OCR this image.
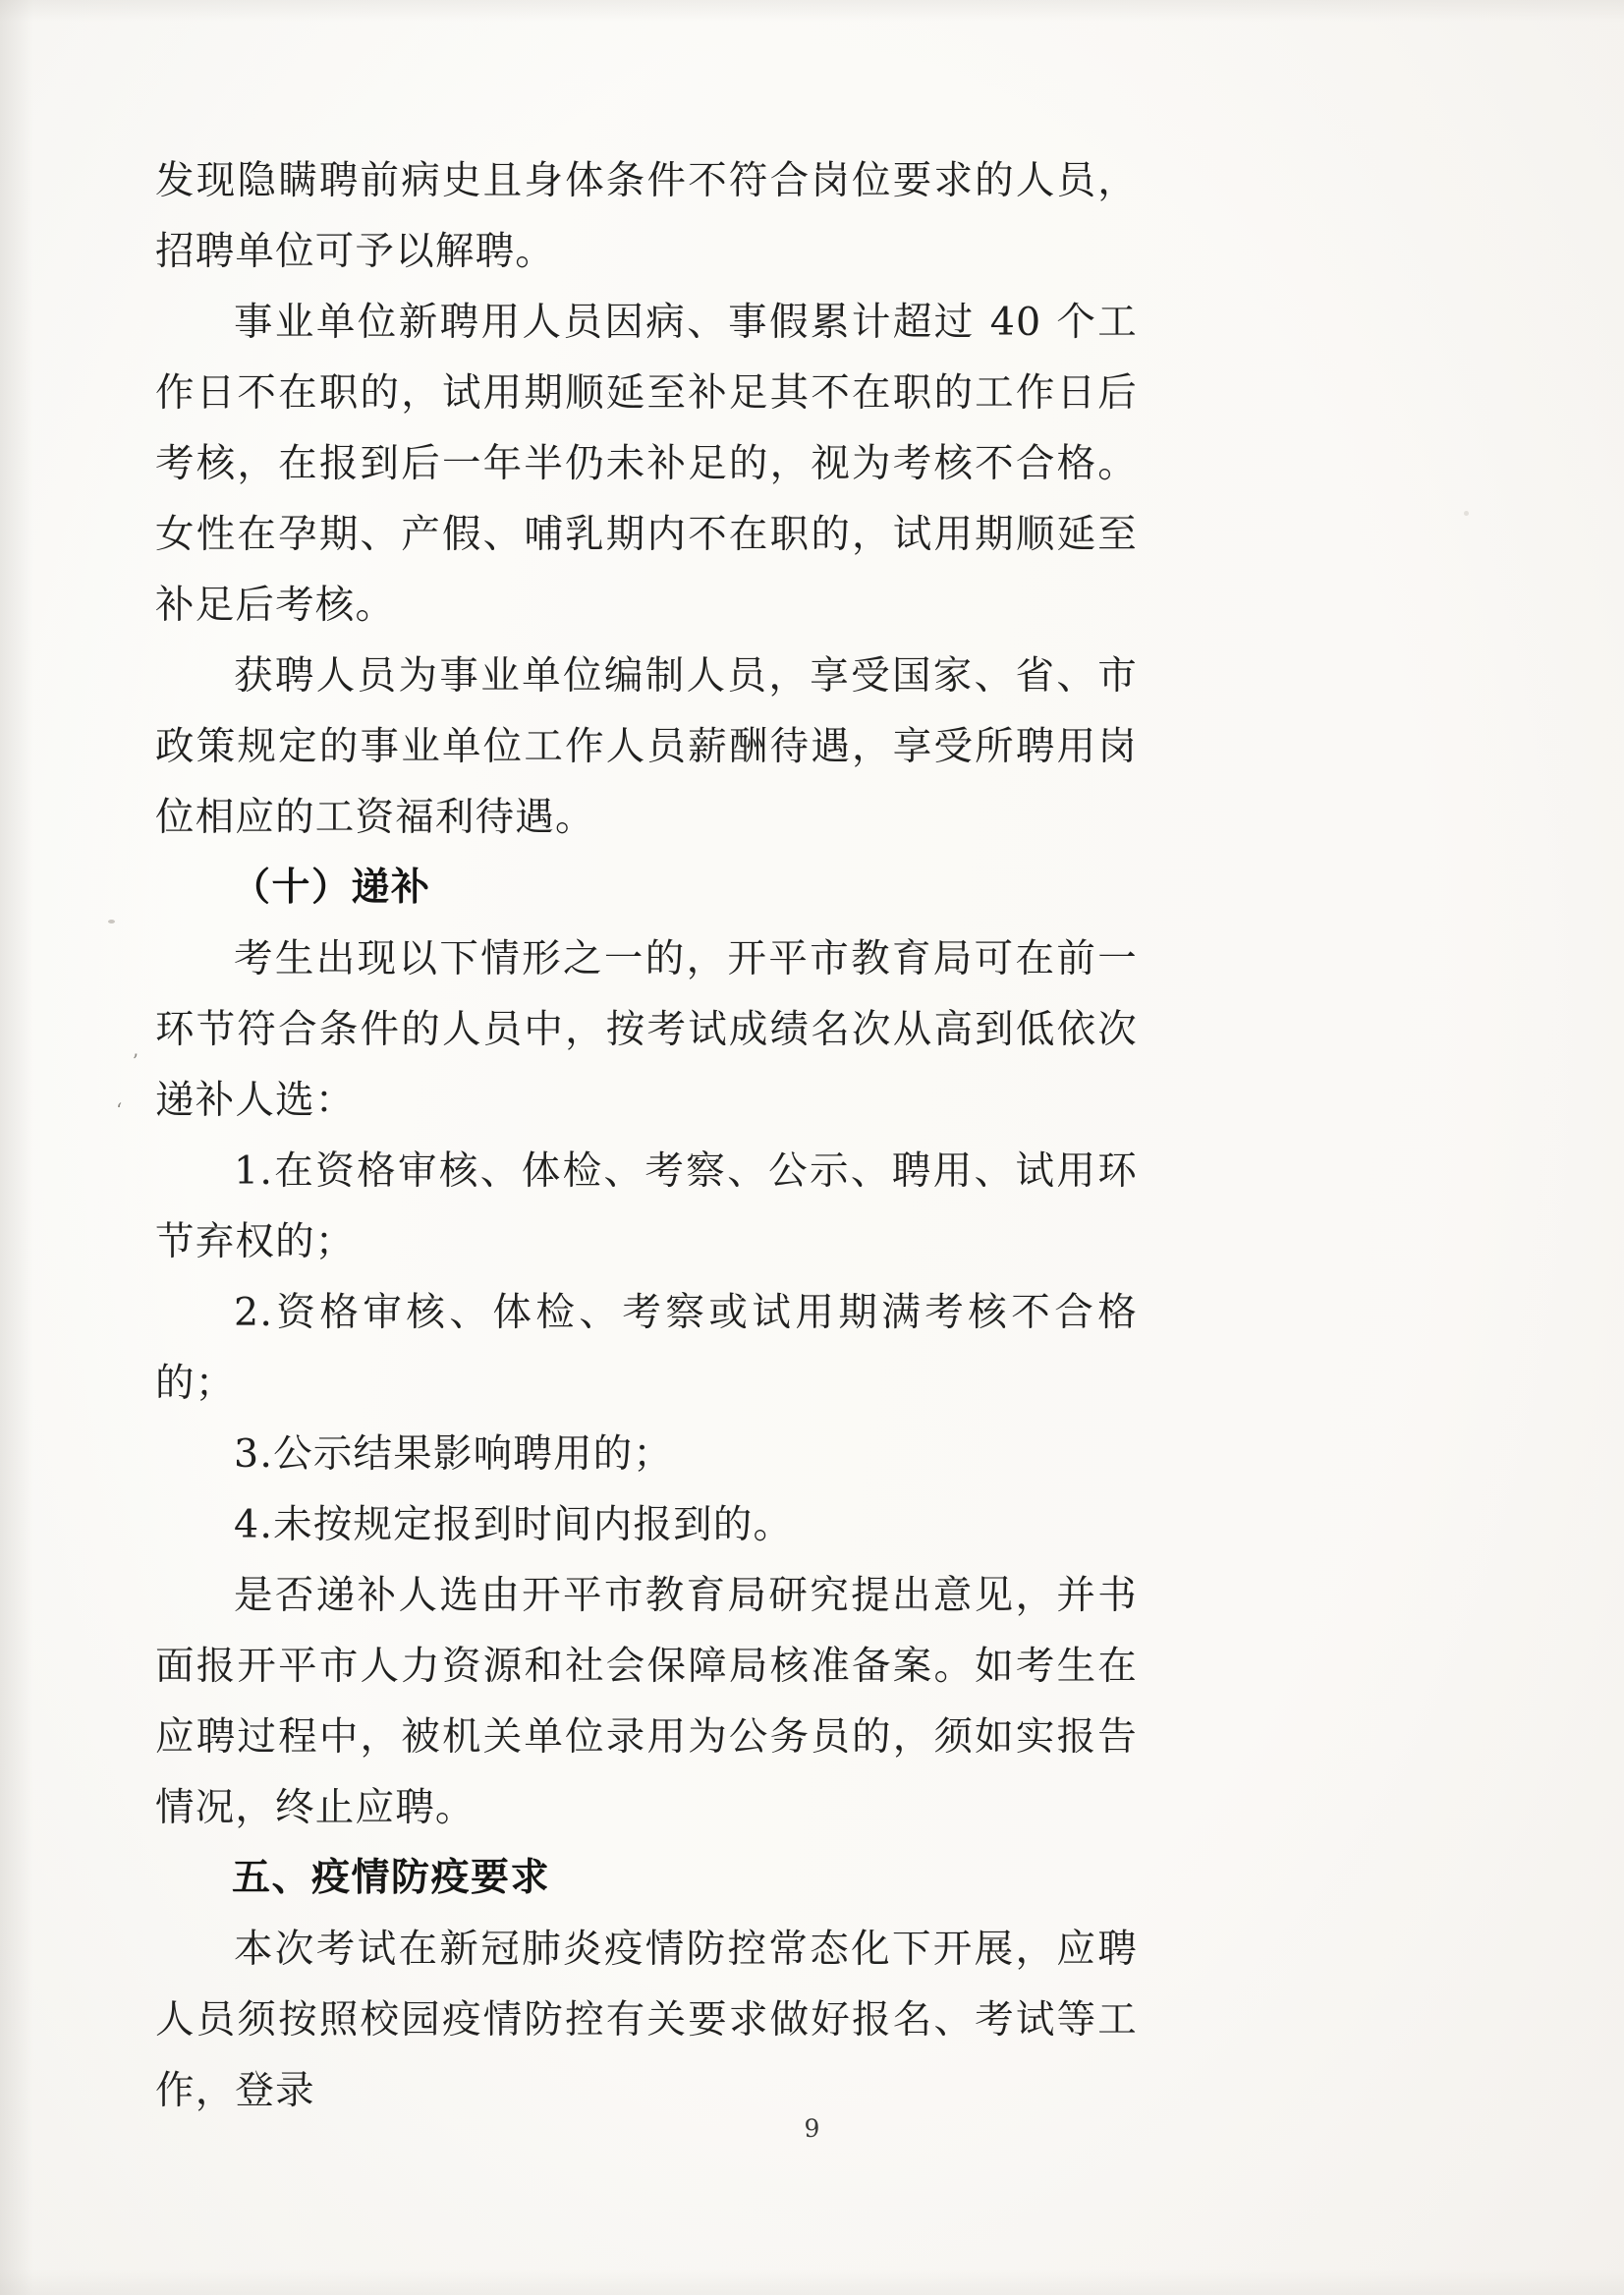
ʼ
ʻ

发现隐瞒聘前病史且身体条件不符合岗位要求的人员，招聘单位可予以解聘。

事业单位新聘用人员因病、事假累计超过 40 个工作日不在职的，试用期顺延至补足其不在职的工作日后考核，在报到后一年半仍未补足的，视为考核不合格。女性在孕期、产假、哺乳期内不在职的，试用期顺延至补足后考核。

获聘人员为事业单位编制人员，享受国家、省、市政策规定的事业单位工作人员薪酬待遇，享受所聘用岗位相应的工资福利待遇。

（十）递补

考生出现以下情形之一的，开平市教育局可在前一环节符合条件的人员中，按考试成绩名次从高到低依次递补人选：

1.在资格审核、体检、考察、公示、聘用、试用环节弃权的；

2.资格审核、体检、考察或试用期满考核不合格的；

3.公示结果影响聘用的；

4.未按规定报到时间内报到的。

是否递补人选由开平市教育局研究提出意见，并书面报开平市人力资源和社会保障局核准备案。如考生在应聘过程中，被机关单位录用为公务员的，须如实报告情况，终止应聘。

五、疫情防疫要求

本次考试在新冠肺炎疫情防控常态化下开展，应聘人员须按照校园疫情防控有关要求做好报名、考试等工作，登录

9
